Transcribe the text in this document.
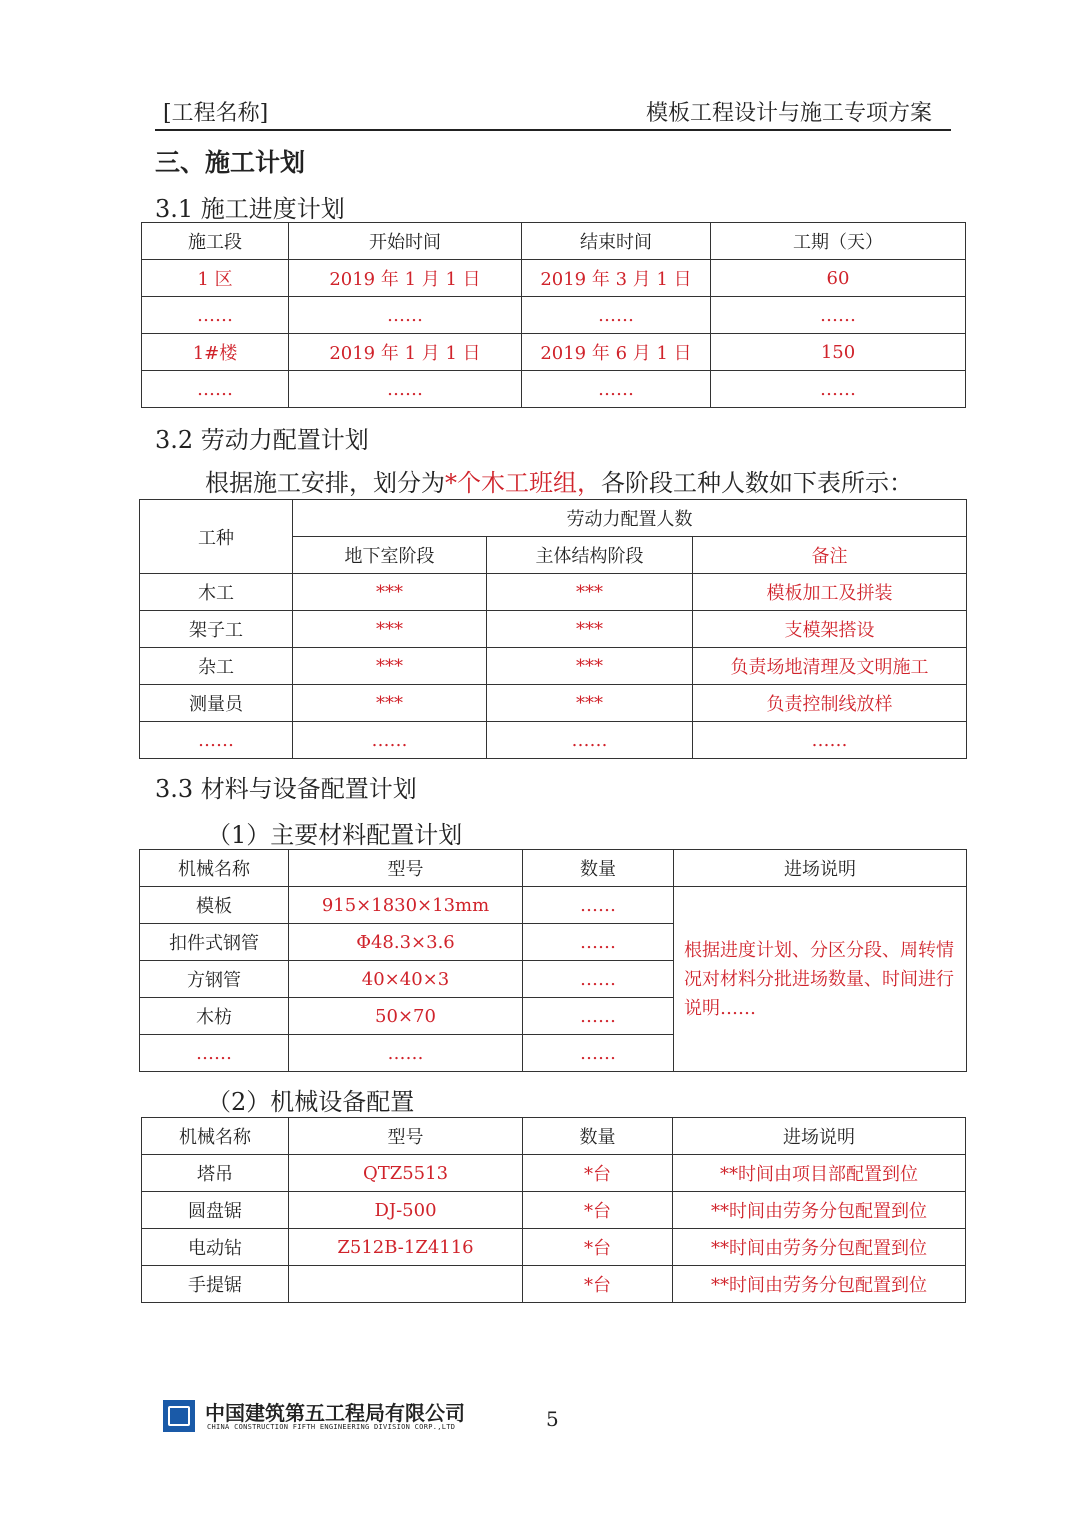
[工程名称]	模板工程设计与施工专项方案
三、施工计划
3.1 施工进度计划
施工段	开始时间	结束时间	工期（天）
1 区	2019 年 1 月 1 日	2019 年 3 月 1 日	60
……	……	……	……
1#楼	2019 年 1 月 1 日	2019 年 6 月 1 日	150
……	……	……	……
3.2 劳动力配置计划
根据施工安排，划分为*个木工班组，各阶段工种人数如下表所示：
工种	劳动力配置人数		
	地下室阶段	主体结构阶段	备注
木工	***	***	模板加工及拼装
架子工	***	***	支模架搭设
杂工	***	***	负责场地清理及文明施工
测量员	***	***	负责控制线放样
……	……	……	……
3.3 材料与设备配置计划
（1）主要材料配置计划
机械名称	型号	数量	进场说明
模板	915×1830×13mm	……	根据进度计划、分区分段、周转情况对材料分批进场数量、时间进行说明……
扣件式钢管	Φ48.3×3.6	……	
方钢管	40×40×3	……	
木枋	50×70	……	
……	……	……	
（2）机械设备配置
机械名称	型号	数量	进场说明
塔吊	QTZ5513	*台	**时间由项目部配置到位
圆盘锯	DJ-500	*台	**时间由劳务分包配置到位
电动钻	Z512B-1Z4116	*台	**时间由劳务分包配置到位
手提锯		*台	**时间由劳务分包配置到位
中国建筑第五工程局有限公司
CHINA CONSTRUCTION FIFTH ENGINEERING DIVISION CORP.,LTD	5
